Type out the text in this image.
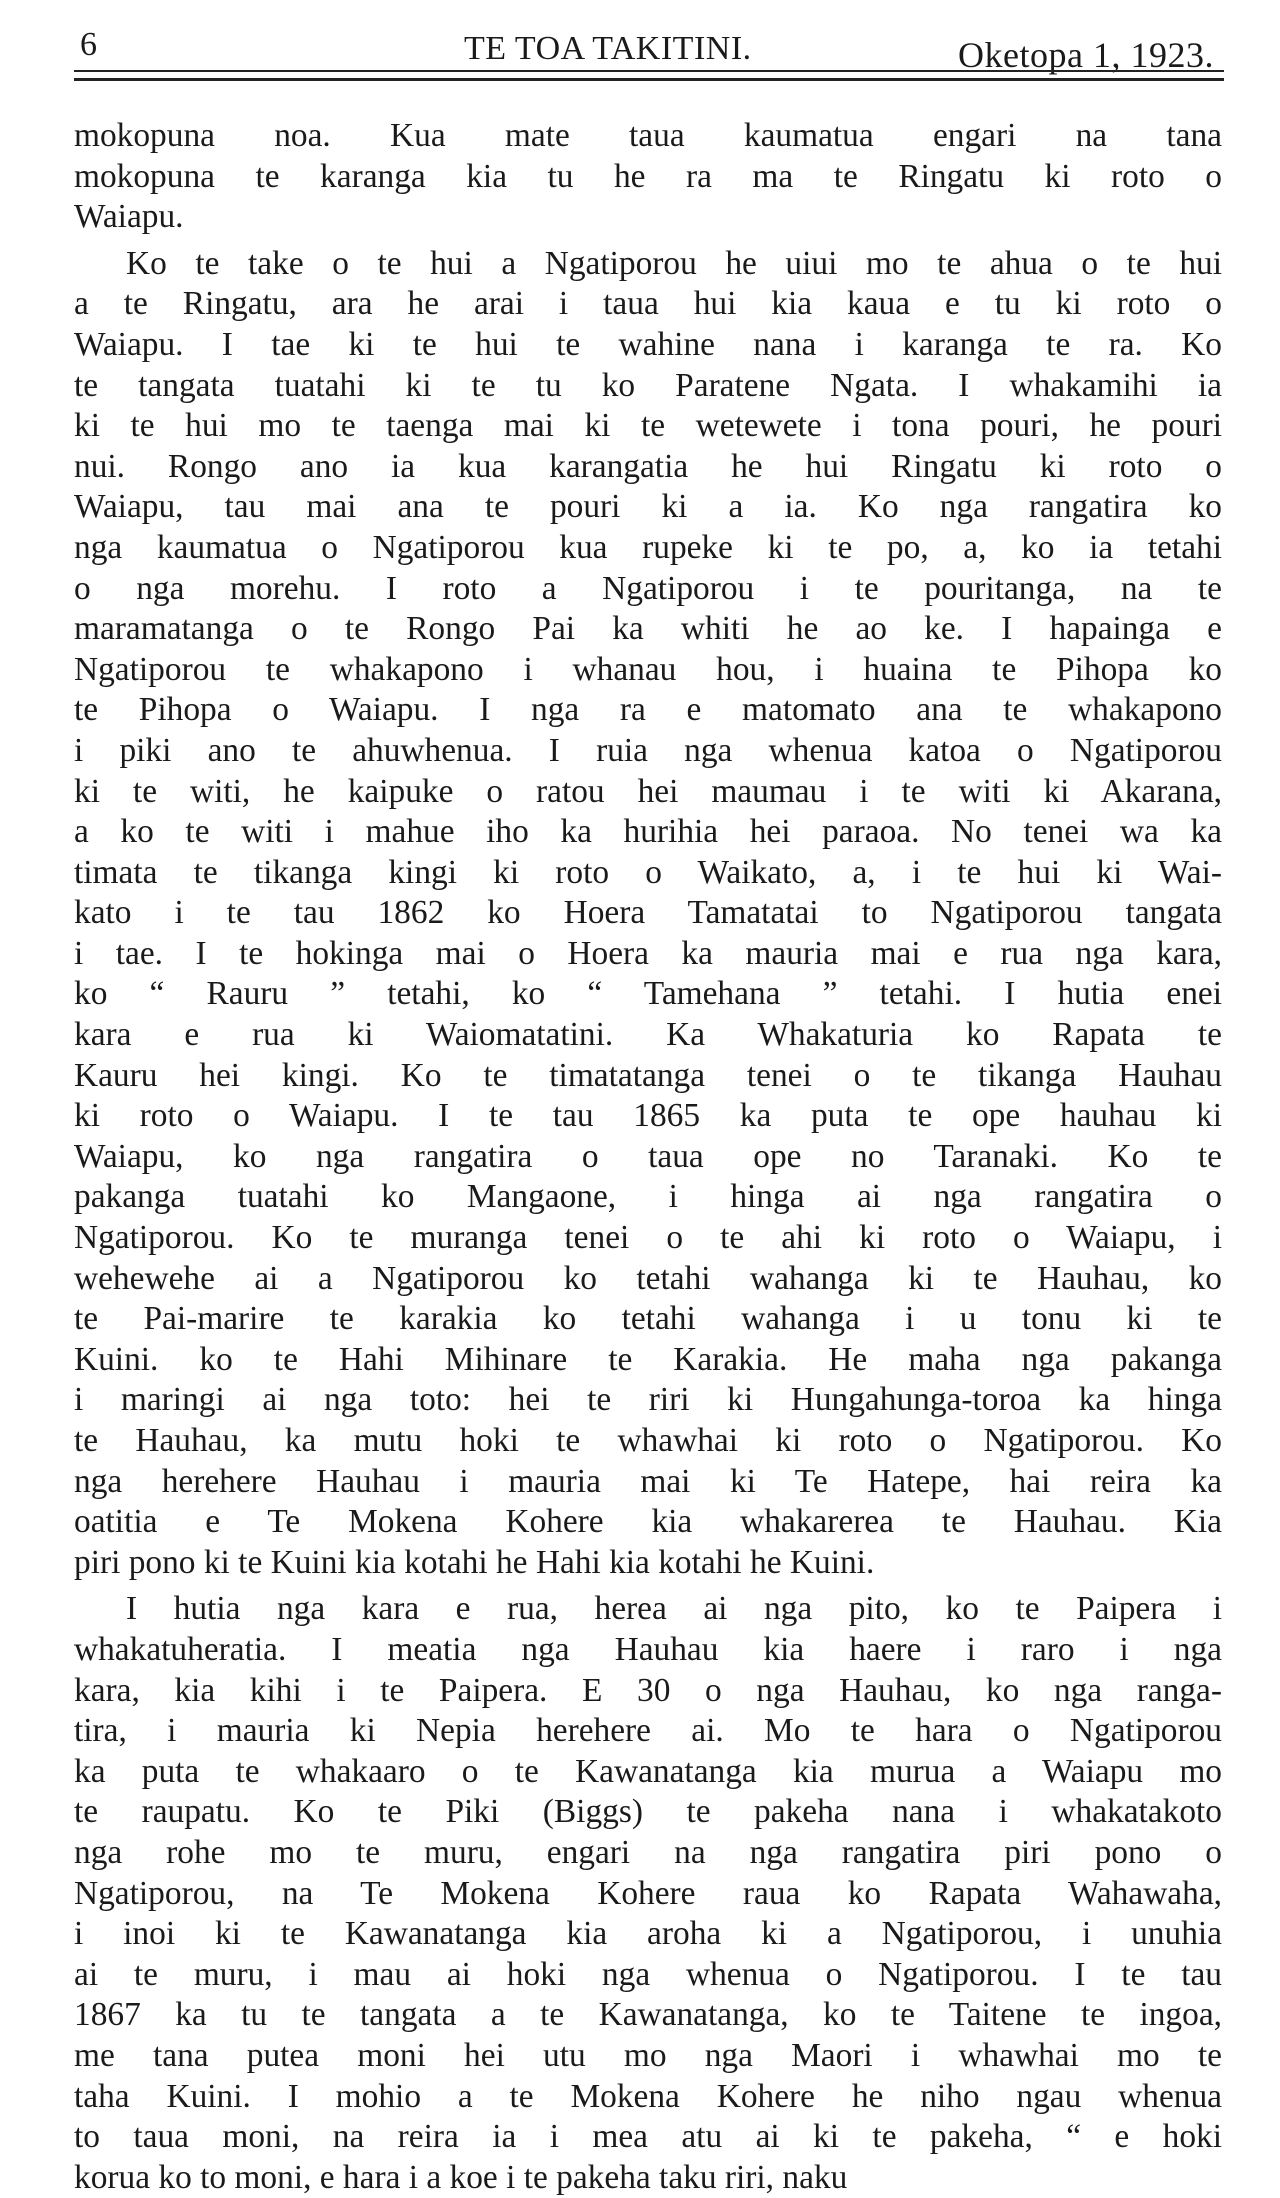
6	TE TOA TAKITINI.	Oketopa 1, 1923.
mokopuna noa. Kua mate taua kaumatua engari na tana
mokopuna te karanga kia tu he ra ma te Ringatu ki roto o
Waiapu.
Ko te take o te hui a Ngatiporou he uiui mo te ahua o te hui
a te Ringatu, ara he arai i taua hui kia kaua e tu ki roto o
Waiapu. I tae ki te hui te wahine nana i karanga te ra. Ko
te tangata tuatahi ki te tu ko Paratene Ngata. I whakamihi ia
ki te hui mo te taenga mai ki te wetewete i tona pouri, he pouri
nui. Rongo ano ia kua karangatia he hui Ringatu ki roto o
Waiapu, tau mai ana te pouri ki a ia. Ko nga rangatira ko
nga kaumatua o Ngatiporou kua rupeke ki te po, a, ko ia tetahi
o nga morehu. I roto a Ngatiporou i te pouritanga, na te
maramatanga o te Rongo Pai ka whiti he ao ke. I hapainga e
Ngatiporou te whakapono i whanau hou, i huaina te Pihopa ko
te Pihopa o Waiapu. I nga ra e matomato ana te whakapono
i piki ano te ahuwhenua. I ruia nga whenua katoa o Ngatiporou
ki te witi, he kaipuke o ratou hei maumau i te witi ki Akarana,
a ko te witi i mahue iho ka hurihia hei paraoa. No tenei wa ka
timata te tikanga kingi ki roto o Waikato, a, i te hui ki Wai-
kato i te tau 1862 ko Hoera Tamatatai to Ngatiporou tangata
i tae. I te hokinga mai o Hoera ka mauria mai e rua nga kara,
ko “ Rauru ” tetahi, ko “ Tamehana ” tetahi. I hutia enei
kara e rua ki Waiomatatini. Ka Whakaturia ko Rapata te
Kauru hei kingi. Ko te timatatanga tenei o te tikanga Hauhau
ki roto o Waiapu. I te tau 1865 ka puta te ope hauhau ki
Waiapu, ko nga rangatira o taua ope no Taranaki. Ko te
pakanga tuatahi ko Mangaone, i hinga ai nga rangatira o
Ngatiporou. Ko te muranga tenei o te ahi ki roto o Waiapu, i
wehewehe ai a Ngatiporou ko tetahi wahanga ki te Hauhau, ko
te Pai-marire te karakia ko tetahi wahanga i u tonu ki te
Kuini. ko te Hahi Mihinare te Karakia. He maha nga pakanga
i maringi ai nga toto: hei te riri ki Hungahunga-toroa ka hinga
te Hauhau, ka mutu hoki te whawhai ki roto o Ngatiporou. Ko
nga herehere Hauhau i mauria mai ki Te Hatepe, hai reira ka
oatitia e Te Mokena Kohere kia whakarerea te Hauhau. Kia
piri pono ki te Kuini kia kotahi he Hahi kia kotahi he Kuini.
I hutia nga kara e rua, herea ai nga pito, ko te Paipera i
whakatuheratia. I meatia nga Hauhau kia haere i raro i nga
kara, kia kihi i te Paipera. E 30 o nga Hauhau, ko nga ranga-
tira, i mauria ki Nepia herehere ai. Mo te hara o Ngatiporou
ka puta te whakaaro o te Kawanatanga kia murua a Waiapu mo
te raupatu. Ko te Piki (Biggs) te pakeha nana i whakatakoto
nga rohe mo te muru, engari na nga rangatira piri pono o
Ngatiporou, na Te Mokena Kohere raua ko Rapata Wahawaha,
i inoi ki te Kawanatanga kia aroha ki a Ngatiporou, i unuhia
ai te muru, i mau ai hoki nga whenua o Ngatiporou. I te tau
1867 ka tu te tangata a te Kawanatanga, ko te Taitene te ingoa,
me tana putea moni hei utu mo nga Maori i whawhai mo te
taha Kuini. I mohio a te Mokena Kohere he niho ngau whenua
to taua moni, na reira ia i mea atu ai ki te pakeha, “ e hoki
korua ko to moni, e hara i a koe i te pakeha taku riri, naku
